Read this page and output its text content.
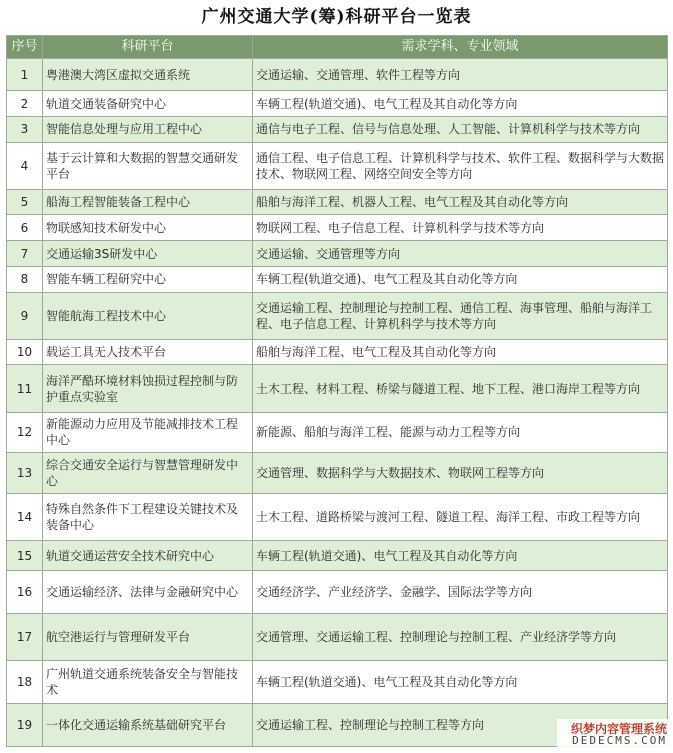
广州交通大学(筹)科研平台一览表
序号	科研平台	需求学科、专业领域
1	粤港澳大湾区虚拟交通系统	交通运输、交通管理、软件工程等方向
2	轨道交通装备研究中心	车辆工程(轨道交通)、电气工程及其自动化等方向
3	智能信息处理与应用工程中心	通信与电子工程、信号与信息处理、人工智能、计算机科学与技术等方向
4	基于云计算和大数据的智慧交通研发平台	通信工程、电子信息工程、计算机科学与技术、软件工程、数据科学与大数据技术、物联网工程、网络空间安全等方向
5	船海工程智能装备工程中心	船舶与海洋工程、机器人工程、电气工程及其自动化等方向
6	物联感知技术研发中心	物联网工程、电子信息工程、计算机科学与技术等方向
7	交通运输3S研发中心	交通运输、交通管理等方向
8	智能车辆工程研究中心	车辆工程(轨道交通)、电气工程及其自动化等方向
9	智能航海工程技术中心	交通运输工程、控制理论与控制工程、通信工程、海事管理、船舶与海洋工程、电子信息工程、计算机科学与技术等方向
10	载运工具无人技术平台	船舶与海洋工程、电气工程及其自动化等方向
11	海洋严酷环境材料蚀损过程控制与防护重点实验室	土木工程、材料工程、桥梁与隧道工程、地下工程、港口海岸工程等方向
12	新能源动力应用及节能减排技术工程中心	新能源、船舶与海洋工程、能源与动力工程等方向
13	综合交通安全运行与智慧管理研发中心	交通管理、数据科学与大数据技术、物联网工程等方向
14	特殊自然条件下工程建设关键技术及装备中心	土木工程、道路桥梁与渡河工程、隧道工程、海洋工程、市政工程等方向
15	轨道交通运营安全技术研究中心	车辆工程(轨道交通)、电气工程及其自动化等方向
16	交通运输经济、法律与金融研究中心	交通经济学、产业经济学、金融学、国际法学等方向
17	航空港运行与管理研发平台	交通管理、交通运输工程、控制理论与控制工程、产业经济学等方向
18	广州轨道交通系统装备安全与智能技术	车辆工程(轨道交通)、电气工程及其自动化等方向
19	一体化交通运输系统基础研究平台	交通运输工程、控制理论与控制工程等方向	织梦内容管理系统
DEDECMS.COM
